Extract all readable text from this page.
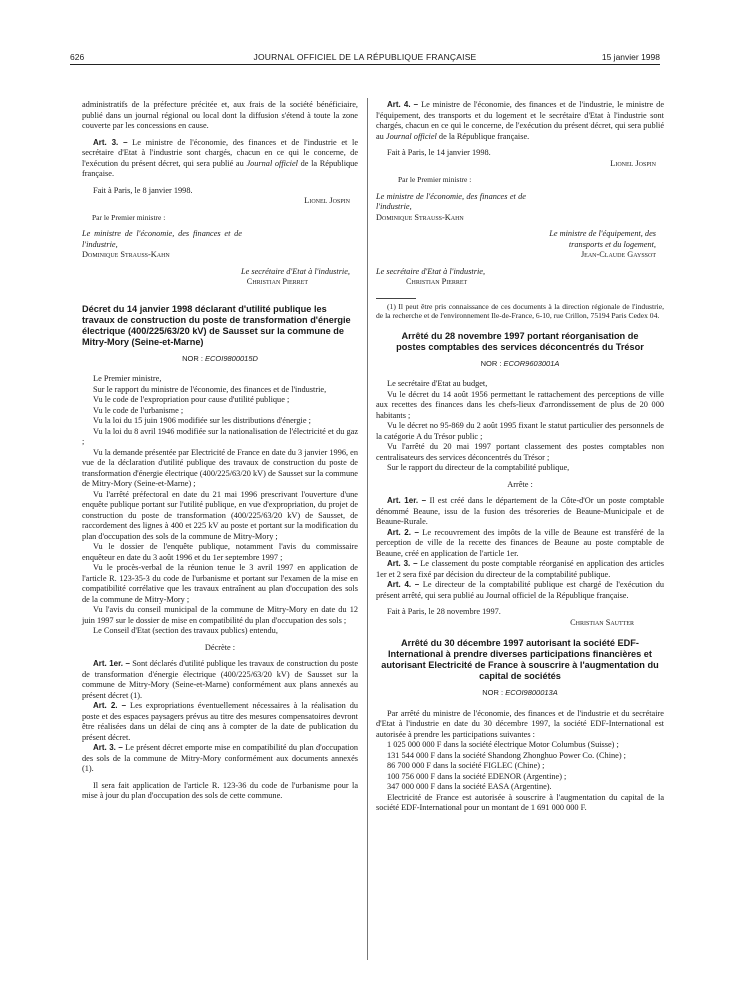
626	JOURNAL OFFICIEL DE LA RÉPUBLIQUE FRANÇAISE	15 janvier 1998

administratifs de la préfecture précitée et, aux frais de la société bénéficiaire, publié dans un journal régional ou local dont la diffusion s'étend à toute la zone couverte par les concessions en cause.

Art. 3. – Le ministre de l'économie, des finances et de l'industrie et le secrétaire d'Etat à l'industrie sont chargés, chacun en ce qui le concerne, de l'exécution du présent décret, qui sera publié au Journal officiel de la République française.

Fait à Paris, le 8 janvier 1998.

Lionel Jospin

Par le Premier ministre :

Le ministre de l'économie, des finances et de l'industrie,

Dominique Strauss-Kahn

Le secrétaire d'Etat à l'industrie,

Christian Pierret

Décret du 14 janvier 1998 déclarant d'utilité publique les travaux de construction du poste de transformation d'énergie électrique (400/225/63/20 kV) de Sausset sur la commune de Mitry-Mory (Seine-et-Marne)

NOR : ECOI9800015D

Le Premier ministre,

Sur le rapport du ministre de l'économie, des finances et de l'industrie,

Vu le code de l'expropriation pour cause d'utilité publique ;

Vu le code de l'urbanisme ;

Vu la loi du 15 juin 1906 modifiée sur les distributions d'énergie ;

Vu la loi du 8 avril 1946 modifiée sur la nationalisation de l'électricité et du gaz ;

Vu la demande présentée par Electricité de France en date du 3 janvier 1996, en vue de la déclaration d'utilité publique des travaux de construction du poste de transformation d'énergie électrique (400/225/63/20 kV) de Sausset sur la commune de Mitry-Mory (Seine-et-Marne) ;

Vu l'arrêté préfectoral en date du 21 mai 1996 prescrivant l'ouverture d'une enquête publique portant sur l'utilité publique, en vue d'expropriation, du projet de construction du poste de transformation (400/225/63/20 kV) de Sausset, de raccordement des lignes à 400 et 225 kV au poste et portant sur la modification du plan d'occupation des sols de la commune de Mitry-Mory ;

Vu le dossier de l'enquête publique, notamment l'avis du commissaire enquêteur en date du 3 août 1996 et du 1er septembre 1997 ;

Vu le procès-verbal de la réunion tenue le 3 avril 1997 en application de l'article R. 123-35-3 du code de l'urbanisme et portant sur l'examen de la mise en compatibilité corrélative que les travaux entraînent au plan d'occupation des sols de la commune de Mitry-Mory ;

Vu l'avis du conseil municipal de la commune de Mitry-Mory en date du 12 juin 1997 sur le dossier de mise en compatibilité du plan d'occupation des sols ;

Le Conseil d'Etat (section des travaux publics) entendu,

Décrète :

Art. 1er. – Sont déclarés d'utilité publique les travaux de construction du poste de transformation d'énergie électrique (400/225/63/20 kV) de Sausset sur la commune de Mitry-Mory (Seine-et-Marne) conformément aux plans annexés au présent décret (1).

Art. 2. – Les expropriations éventuellement nécessaires à la réalisation du poste et des espaces paysagers prévus au titre des mesures compensatoires devront être réalisées dans un délai de cinq ans à compter de la date de publication du présent décret.

Art. 3. – Le présent décret emporte mise en compatibilité du plan d'occupation des sols de la commune de Mitry-Mory conformément aux documents annexés (1).

Il sera fait application de l'article R. 123-36 du code de l'urbanisme pour la mise à jour du plan d'occupation des sols de cette commune.

Art. 4. – Le ministre de l'économie, des finances et de l'industrie, le ministre de l'équipement, des transports et du logement et le secrétaire d'Etat à l'industrie sont chargés, chacun en ce qui le concerne, de l'exécution du présent décret, qui sera publié au Journal officiel de la République française.

Fait à Paris, le 14 janvier 1998.

Lionel Jospin

Par le Premier ministre :

Le ministre de l'économie, des finances et de l'industrie,

Dominique Strauss-Kahn

Le ministre de l'équipement, des transports et du logement,

Jean-Claude Gayssot

Le secrétaire d'Etat à l'industrie,

Christian Pierret

(1) Il peut être pris connaissance de ces documents à la direction régionale de l'industrie, de la recherche et de l'environnement Ile-de-France, 6-10, rue Crillon, 75194 Paris Cedex 04.

Arrêté du 28 novembre 1997 portant réorganisation de postes comptables des services déconcentrés du Trésor

NOR : ECOR9603001A

Le secrétaire d'Etat au budget,

Vu le décret du 14 août 1956 permettant le rattachement des perceptions de ville aux recettes des finances dans les chefs-lieux d'arrondissement de plus de 20 000 habitants ;

Vu le décret no 95-869 du 2 août 1995 fixant le statut particulier des personnels de la catégorie A du Trésor public ;

Vu l'arrêté du 20 mai 1997 portant classement des postes comptables non centralisateurs des services déconcentrés du Trésor ;

Sur le rapport du directeur de la comptabilité publique,

Arrête :

Art. 1er. – Il est créé dans le département de la Côte-d'Or un poste comptable dénommé Beaune, issu de la fusion des trésoreries de Beaune-Municipale et de Beaune-Rurale.

Art. 2. – Le recouvrement des impôts de la ville de Beaune est transféré de la perception de ville de la recette des finances de Beaune au poste comptable de Beaune, créé en application de l'article 1er.

Art. 3. – Le classement du poste comptable réorganisé en application des articles 1er et 2 sera fixé par décision du directeur de la comptabilité publique.

Art. 4. – Le directeur de la comptabilité publique est chargé de l'exécution du présent arrêté, qui sera publié au Journal officiel de la République française.

Fait à Paris, le 28 novembre 1997.

Christian Sautter

Arrêté du 30 décembre 1997 autorisant la société EDF-International à prendre diverses participations financières et autorisant Electricité de France à souscrire à l'augmentation du capital de sociétés

NOR : ECOI9800013A

Par arrêté du ministre de l'économie, des finances et de l'industrie et du secrétaire d'Etat à l'industrie en date du 30 décembre 1997, la société EDF-International est autorisée à prendre les participations suivantes :

1 025 000 000 F dans la société électrique Motor Columbus (Suisse) ;

131 544 000 F dans la société Shandong Zhonghuo Power Co. (Chine) ;

86 700 000 F dans la société FIGLEC (Chine) ;

100 756 000 F dans la société EDENOR (Argentine) ;

347 000 000 F dans la société EASA (Argentine).

Electricité de France est autorisée à souscrire à l'augmentation du capital de la société EDF-International pour un montant de 1 691 000 000 F.
